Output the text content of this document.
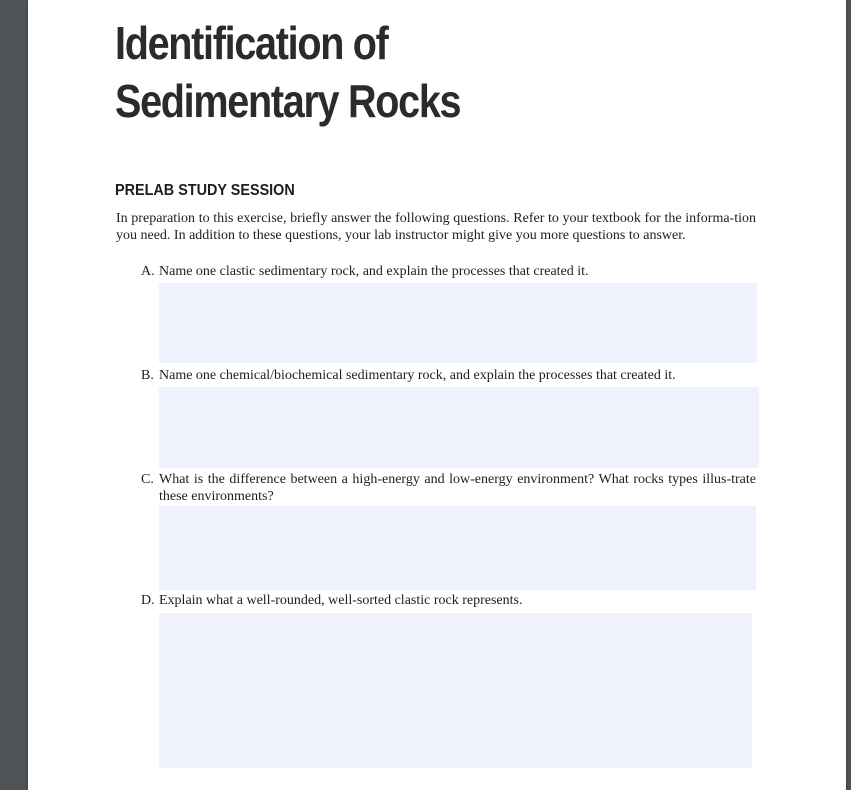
Identification of
Sedimentary Rocks
PRELAB STUDY SESSION

In preparation to this exercise, briefly answer the following questions. Refer to your textbook for the informa-tion you need. In addition to these questions, your lab instructor might give you more questions to answer.

A. Name one clastic sedimentary rock, and explain the processes that created it.
B. Name one chemical/biochemical sedimentary rock, and explain the processes that created it.
C. What is the difference between a high-energy and low-energy environment? What rocks types illus-trate these environments?
D. Explain what a well-rounded, well-sorted clastic rock represents.
